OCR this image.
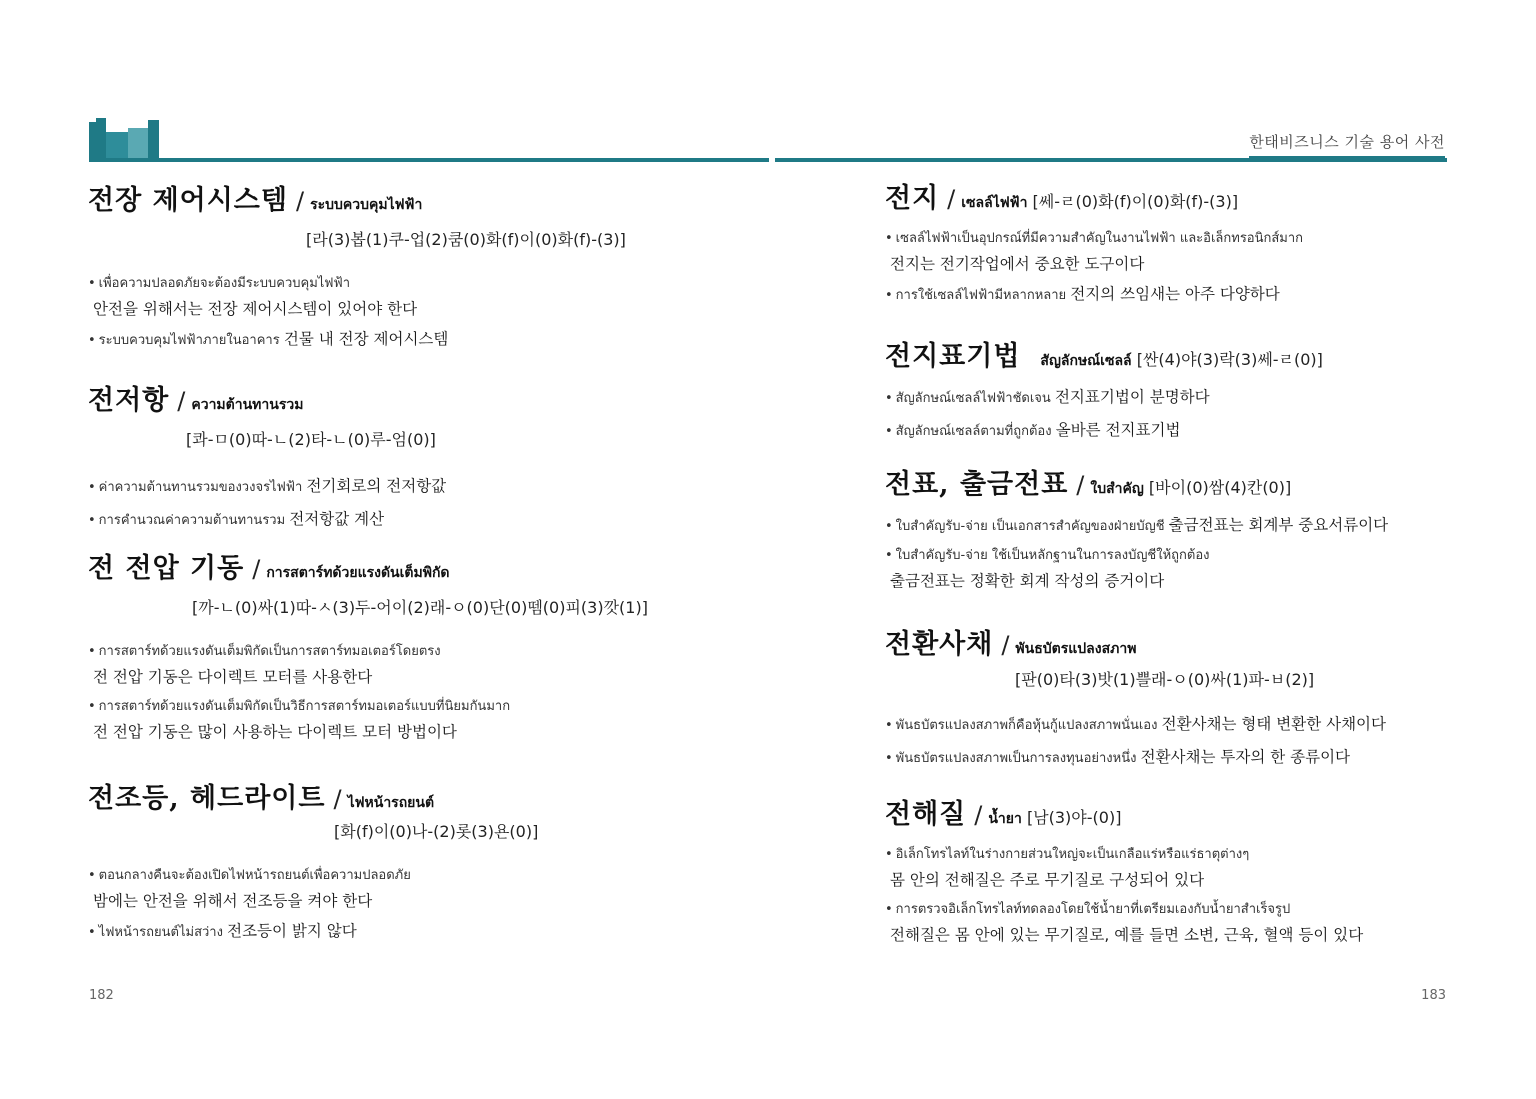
한태비즈니스 기술 용어 사전
전장 제어시스템 / ระบบควบคุมไฟฟ้า
[라(3)봅(1)쿠-업(2)쿰(0)화(f)이(0)화(f)-(3)]
• เพื่อความปลอดภัยจะต้องมีระบบควบคุมไฟฟ้า
안전을 위해서는 전장 제어시스템이 있어야 한다
• ระบบควบคุมไฟฟ้าภายในอาคาร 건물 내 전장 제어시스템
전저항 / ความต้านทานรวม
[콰-ㅁ(0)따-ㄴ(2)타-ㄴ(0)루-엄(0)]
• ค่าความต้านทานรวมของวงจรไฟฟ้า 전기회로의 전저항값
• การคำนวณค่าความต้านทานรวม 전저항값 계산
전 전압 기동 / การสตาร์ทด้วยแรงดันเต็มพิกัด
[까-ㄴ(0)싸(1)따-ㅅ(3)두-어이(2)래-ㅇ(0)단(0)뗌(0)피(3)깟(1)]
• การสตาร์ทด้วยแรงดันเต็มพิกัดเป็นการสตาร์ทมอเตอร์โดยตรง
전 전압 기동은 다이렉트 모터를 사용한다
• การสตาร์ทด้วยแรงดันเต็มพิกัดเป็นวิธีการสตาร์ทมอเตอร์แบบที่นิยมกันมาก
전 전압 기동은 많이 사용하는 다이렉트 모터 방법이다
전조등, 헤드라이트 / ไฟหน้ารถยนต์
[화(f)이(0)나-(2)롯(3)욘(0)]
• ตอนกลางคืนจะต้องเปิดไฟหน้ารถยนต์เพื่อความปลอดภัย
밤에는 안전을 위해서 전조등을 켜야 한다
• ไฟหน้ารถยนต์ไม่สว่าง 전조등이 밝지 않다
전지 / เซลล์ไฟฟ้า [쎄-ㄹ(0)화(f)이(0)화(f)-(3)]
• เซลล์ไฟฟ้าเป็นอุปกรณ์ที่มีความสำคัญในงานไฟฟ้า และอิเล็กทรอนิกส์มาก
전지는 전기작업에서 중요한 도구이다
• การใช้เซลล์ไฟฟ้ามีหลากหลาย 전지의 쓰임새는 아주 다양하다
전지표기법 สัญลักษณ์เซลล์ [싼(4)야(3)락(3)쎄-ㄹ(0)]
• สัญลักษณ์เซลล์ไฟฟ้าชัดเจน 전지표기법이 분명하다
• สัญลักษณ์เซลล์ตามที่ถูกต้อง 올바른 전지표기법
전표, 출금전표 / ใบสำคัญ [바이(0)쌈(4)칸(0)]
• ใบสำคัญรับ-จ่าย เป็นเอกสารสำคัญของฝ่ายบัญชี 출금전표는 회계부 중요서류이다
• ใบสำคัญรับ-จ่าย ใช้เป็นหลักฐานในการลงบัญชีให้ถูกต้อง
출금전표는 정확한 회계 작성의 증거이다
전환사채 / พันธบัตรแปลงสภาพ
[판(0)타(3)밧(1)쁠래-ㅇ(0)싸(1)파-ㅂ(2)]
• พันธบัตรแปลงสภาพก็คือหุ้นกู้แปลงสภาพนั่นเอง 전환사채는 형태 변환한 사채이다
• พันธบัตรแปลงสภาพเป็นการลงทุนอย่างหนึ่ง 전환사채는 투자의 한 종류이다
전해질 / น้ำยา [남(3)야-(0)]
• อิเล็กโทรไลท์ในร่างกายส่วนใหญ่จะเป็นเกลือแร่หรือแร่ธาตุต่างๆ
몸 안의 전해질은 주로 무기질로 구성되어 있다
• การตรวจอิเล็กโทรไลท์ทดลองโดยใช้น้ำยาที่เตรียมเองกับน้ำยาสำเร็จรูป
전해질은 몸 안에 있는 무기질로, 예를 들면 소변, 근육, 혈액 등이 있다
182	183
